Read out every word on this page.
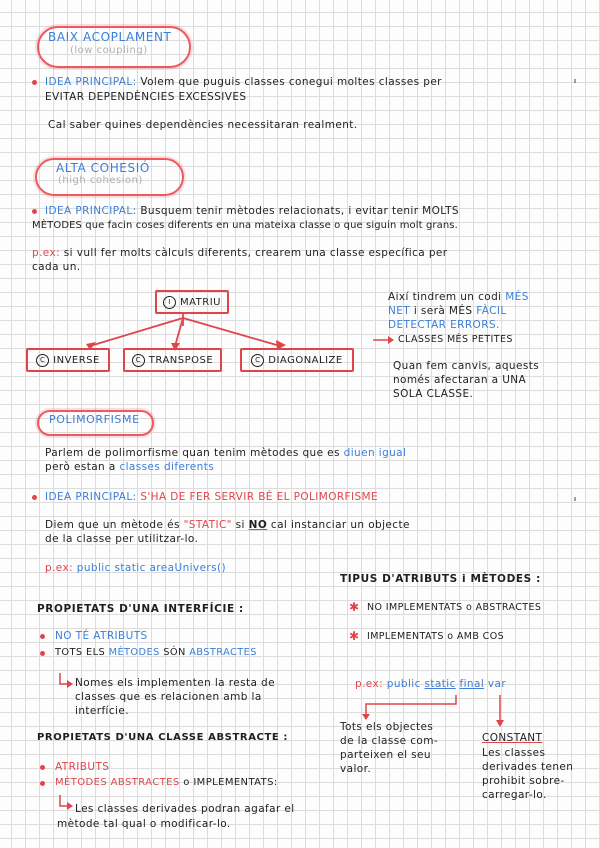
BAIX ACOPLAMENT
(low coupling)
IDEA PRINCIPAL: Volem que puguis classes conegui moltes classes per
EVITAR DEPENDÈNCIES EXCESSIVES
Cal saber quines dependències necessitaran realment.
ALTA COHESIÓ
(high cohesion)
IDEA PRINCIPAL: Busquem tenir mètodes relacionats, i evitar tenir MOLTS
MÈTODES que facin coses diferents en una mateixa classe o que siguin molt grans.
p.ex: si vull fer molts càlculs diferents, crearem una classe específica per
cada un.
I MATRIU
C INVERSE	C TRANSPOSE	C DIAGONALIZE
Així tindrem un codi MÉS
NET i serà MÉS FÀCIL
DETECTAR ERRORS.
CLASSES MÉS PETITES
Quan fem canvis, aquests
només afectaran a UNA
SOLA CLASSE.
POLIMORFISME
Parlem de polimorfisme quan tenim mètodes que es diuen igual
però estan a classes diferents
IDEA PRINCIPAL: S'HA DE FER SERVIR BÉ EL POLIMORFISME
Diem que un mètode és "STATIC" si NO cal instanciar un objecte
de la classe per utilitzar-lo.
p.ex: public static areaUnivers()
PROPIETATS D'UNA INTERFÍCIE :
NO TÉ ATRIBUTS
TOTS ELS MÈTODES SÓN ABSTRACTES
Nomes els implementen la resta de
classes que es relacionen amb la
interfície.
PROPIETATS D'UNA CLASSE ABSTRACTE :
ATRIBUTS
MÈTODES ABSTRACTES o IMPLEMENTATS:
Les classes derivades podran agafar el
mètode tal qual o modificar-lo.
TIPUS D'ATRIBUTS i MÈTODES :
✱ NO IMPLEMENTATS o ABSTRACTES
✱ IMPLEMENTATS o AMB COS
p.ex: public static final var
Tots els objectes
de la classe com-
parteixen el seu
valor.
CONSTANT
Les classes
derivades tenen
prohibit sobre-
carregar-lo.
